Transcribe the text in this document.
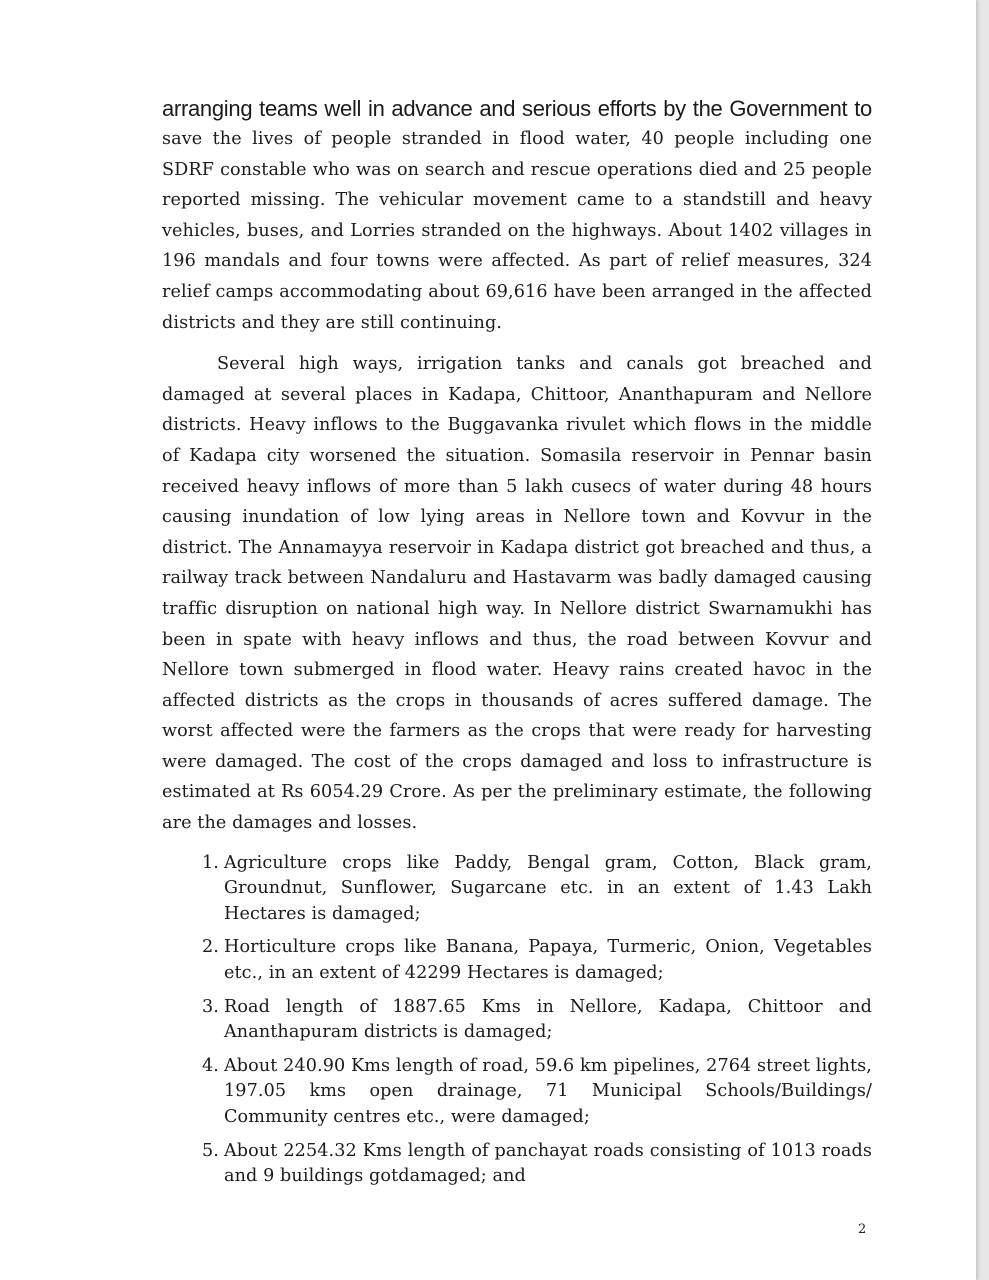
arranging teams well in advance and serious efforts by the Government to
save the lives of people stranded in flood water, 40 people including one SDRF constable who was on search and rescue operations died and 25 people reported missing. The vehicular movement came to a standstill and heavy vehicles, buses, and Lorries stranded on the highways. About 1402 villages in 196 mandals and four towns were affected. As part of relief measures, 324 relief camps accommodating about 69,616 have been arranged in the affected districts and they are still continuing.

Several high ways, irrigation tanks and canals got breached and damaged at several places in Kadapa, Chittoor, Ananthapuram and Nellore districts. Heavy inflows to the Buggavanka rivulet which flows in the middle of Kadapa city worsened the situation. Somasila reservoir in Pennar basin received heavy inflows of more than 5 lakh cusecs of water during 48 hours causing inundation of low lying areas in Nellore town and Kovvur in the district. The Annamayya reservoir in Kadapa district got breached and thus, a railway track between Nandaluru and Hastavarm was badly damaged causing traffic disruption on national high way. In Nellore district Swarnamukhi has been in spate with heavy inflows and thus, the road between Kovvur and Nellore town submerged in flood water. Heavy rains created havoc in the affected districts as the crops in thousands of acres suffered damage. The worst affected were the farmers as the crops that were ready for harvesting were damaged. The cost of the crops damaged and loss to infrastructure is estimated at Rs 6054.29 Crore. As per the preliminary estimate, the following are the damages and losses.

1. Agriculture crops like Paddy, Bengal gram, Cotton, Black gram, Groundnut, Sunflower, Sugarcane etc. in an extent of 1.43 Lakh Hectares is damaged;
2. Horticulture crops like Banana, Papaya, Turmeric, Onion, Vegetables etc., in an extent of 42299 Hectares is damaged;
3. Road length of 1887.65 Kms in Nellore, Kadapa, Chittoor and Ananthapuram districts is damaged;
4. About 240.90 Kms length of road, 59.6 km pipelines, 2764 street lights, 197.05 kms open drainage, 71 Municipal Schools/Buildings/ Community centres etc., were damaged;
5. About 2254.32 Kms length of panchayat roads consisting of 1013 roads and 9 buildings gotdamaged; and
2
